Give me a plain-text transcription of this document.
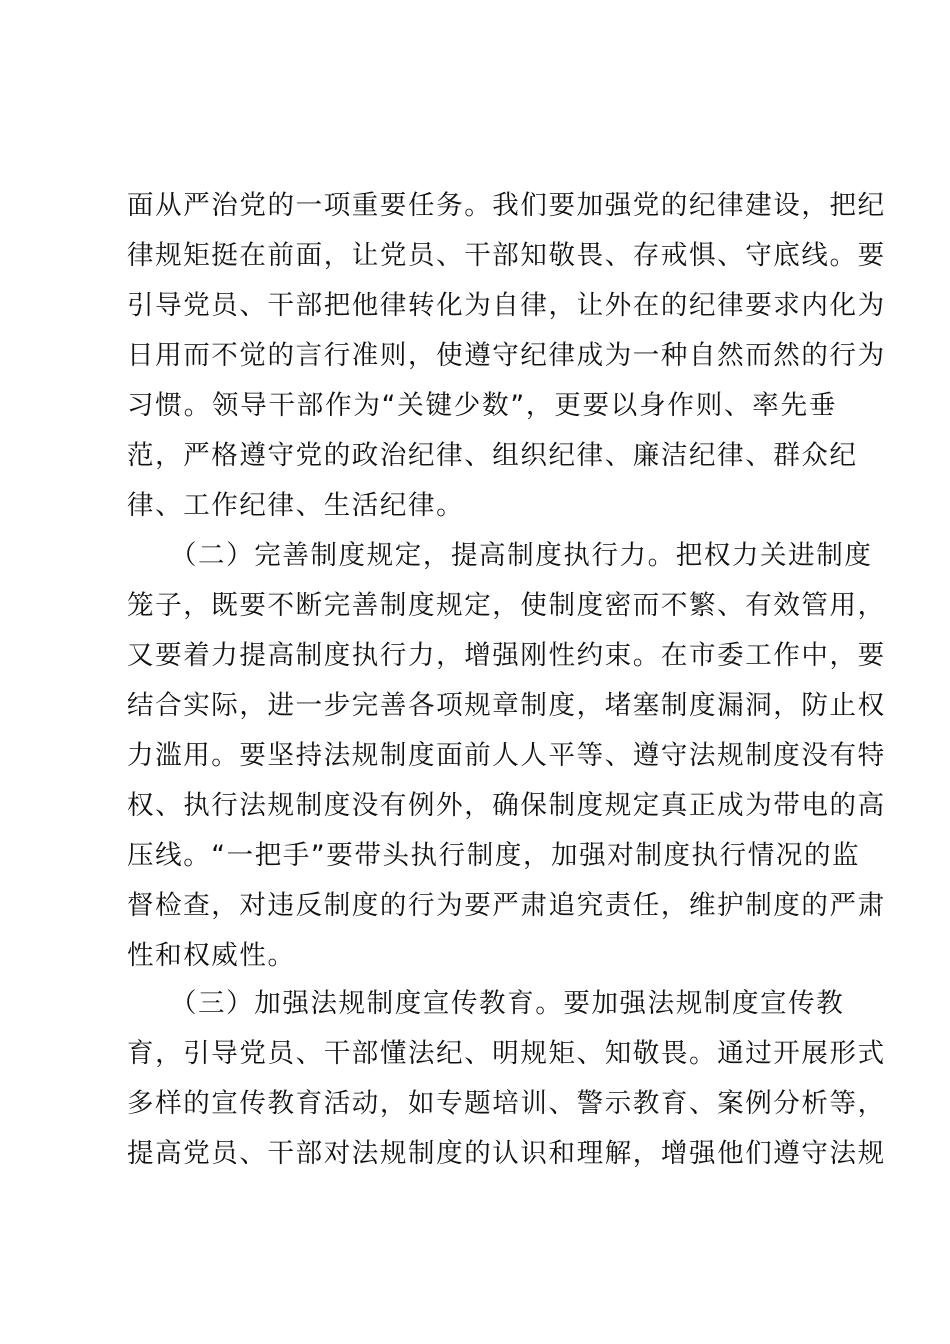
面从严治党的一项重要任务。我们要加强党的纪律建设，把纪
律规矩挺在前面，让党员、干部知敬畏、存戒惧、守底线。要
引导党员、干部把他律转化为自律，让外在的纪律要求内化为
日用而不觉的言行准则，使遵守纪律成为一种自然而然的行为
习惯。领导干部作为“关键少数”，更要以身作则、率先垂
范，严格遵守党的政治纪律、组织纪律、廉洁纪律、群众纪
律、工作纪律、生活纪律。
　　（二）完善制度规定，提高制度执行力。把权力关进制度
笼子，既要不断完善制度规定，使制度密而不繁、有效管用，
又要着力提高制度执行力，增强刚性约束。在市委工作中，要
结合实际，进一步完善各项规章制度，堵塞制度漏洞，防止权
力滥用。要坚持法规制度面前人人平等、遵守法规制度没有特
权、执行法规制度没有例外，确保制度规定真正成为带电的高
压线。“一把手”要带头执行制度，加强对制度执行情况的监
督检查，对违反制度的行为要严肃追究责任，维护制度的严肃
性和权威性。
　　（三）加强法规制度宣传教育。要加强法规制度宣传教
育，引导党员、干部懂法纪、明规矩、知敬畏。通过开展形式
多样的宣传教育活动，如专题培训、警示教育、案例分析等，
提高党员、干部对法规制度的认识和理解，增强他们遵守法规
